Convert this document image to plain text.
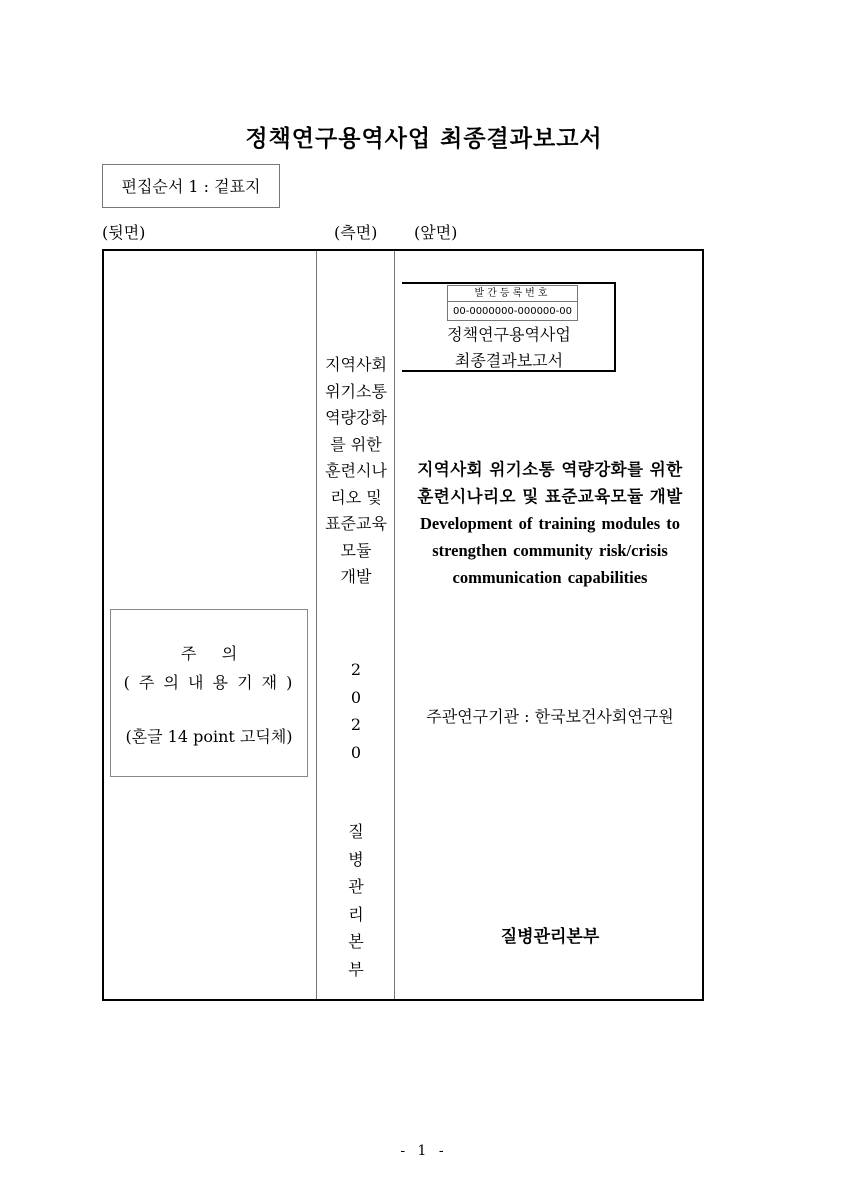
정책연구용역사업 최종결과보고서
편집순서 1 : 겉표지
(뒷면)	(측면) (앞면)
지역사회
위기소통
역량강화
를 위한
훈련시나
리오 및
표준교육
모듈
개발
2
0
2
0
질
병
관
리
본
부
발간등록번호
00-0000000-000000-00
정책연구용역사업
최종결과보고서
지역사회 위기소통 역량강화를 위한
훈련시나리오 및 표준교육모듈 개발
Development of training modules to
strengthen community risk/crisis
communication capabilities
주관연구기관 : 한국보건사회연구원
질병관리본부
주     의
( 주 의 내 용 기 재 )
(혼글 14 point 고딕체)
- 1 -
